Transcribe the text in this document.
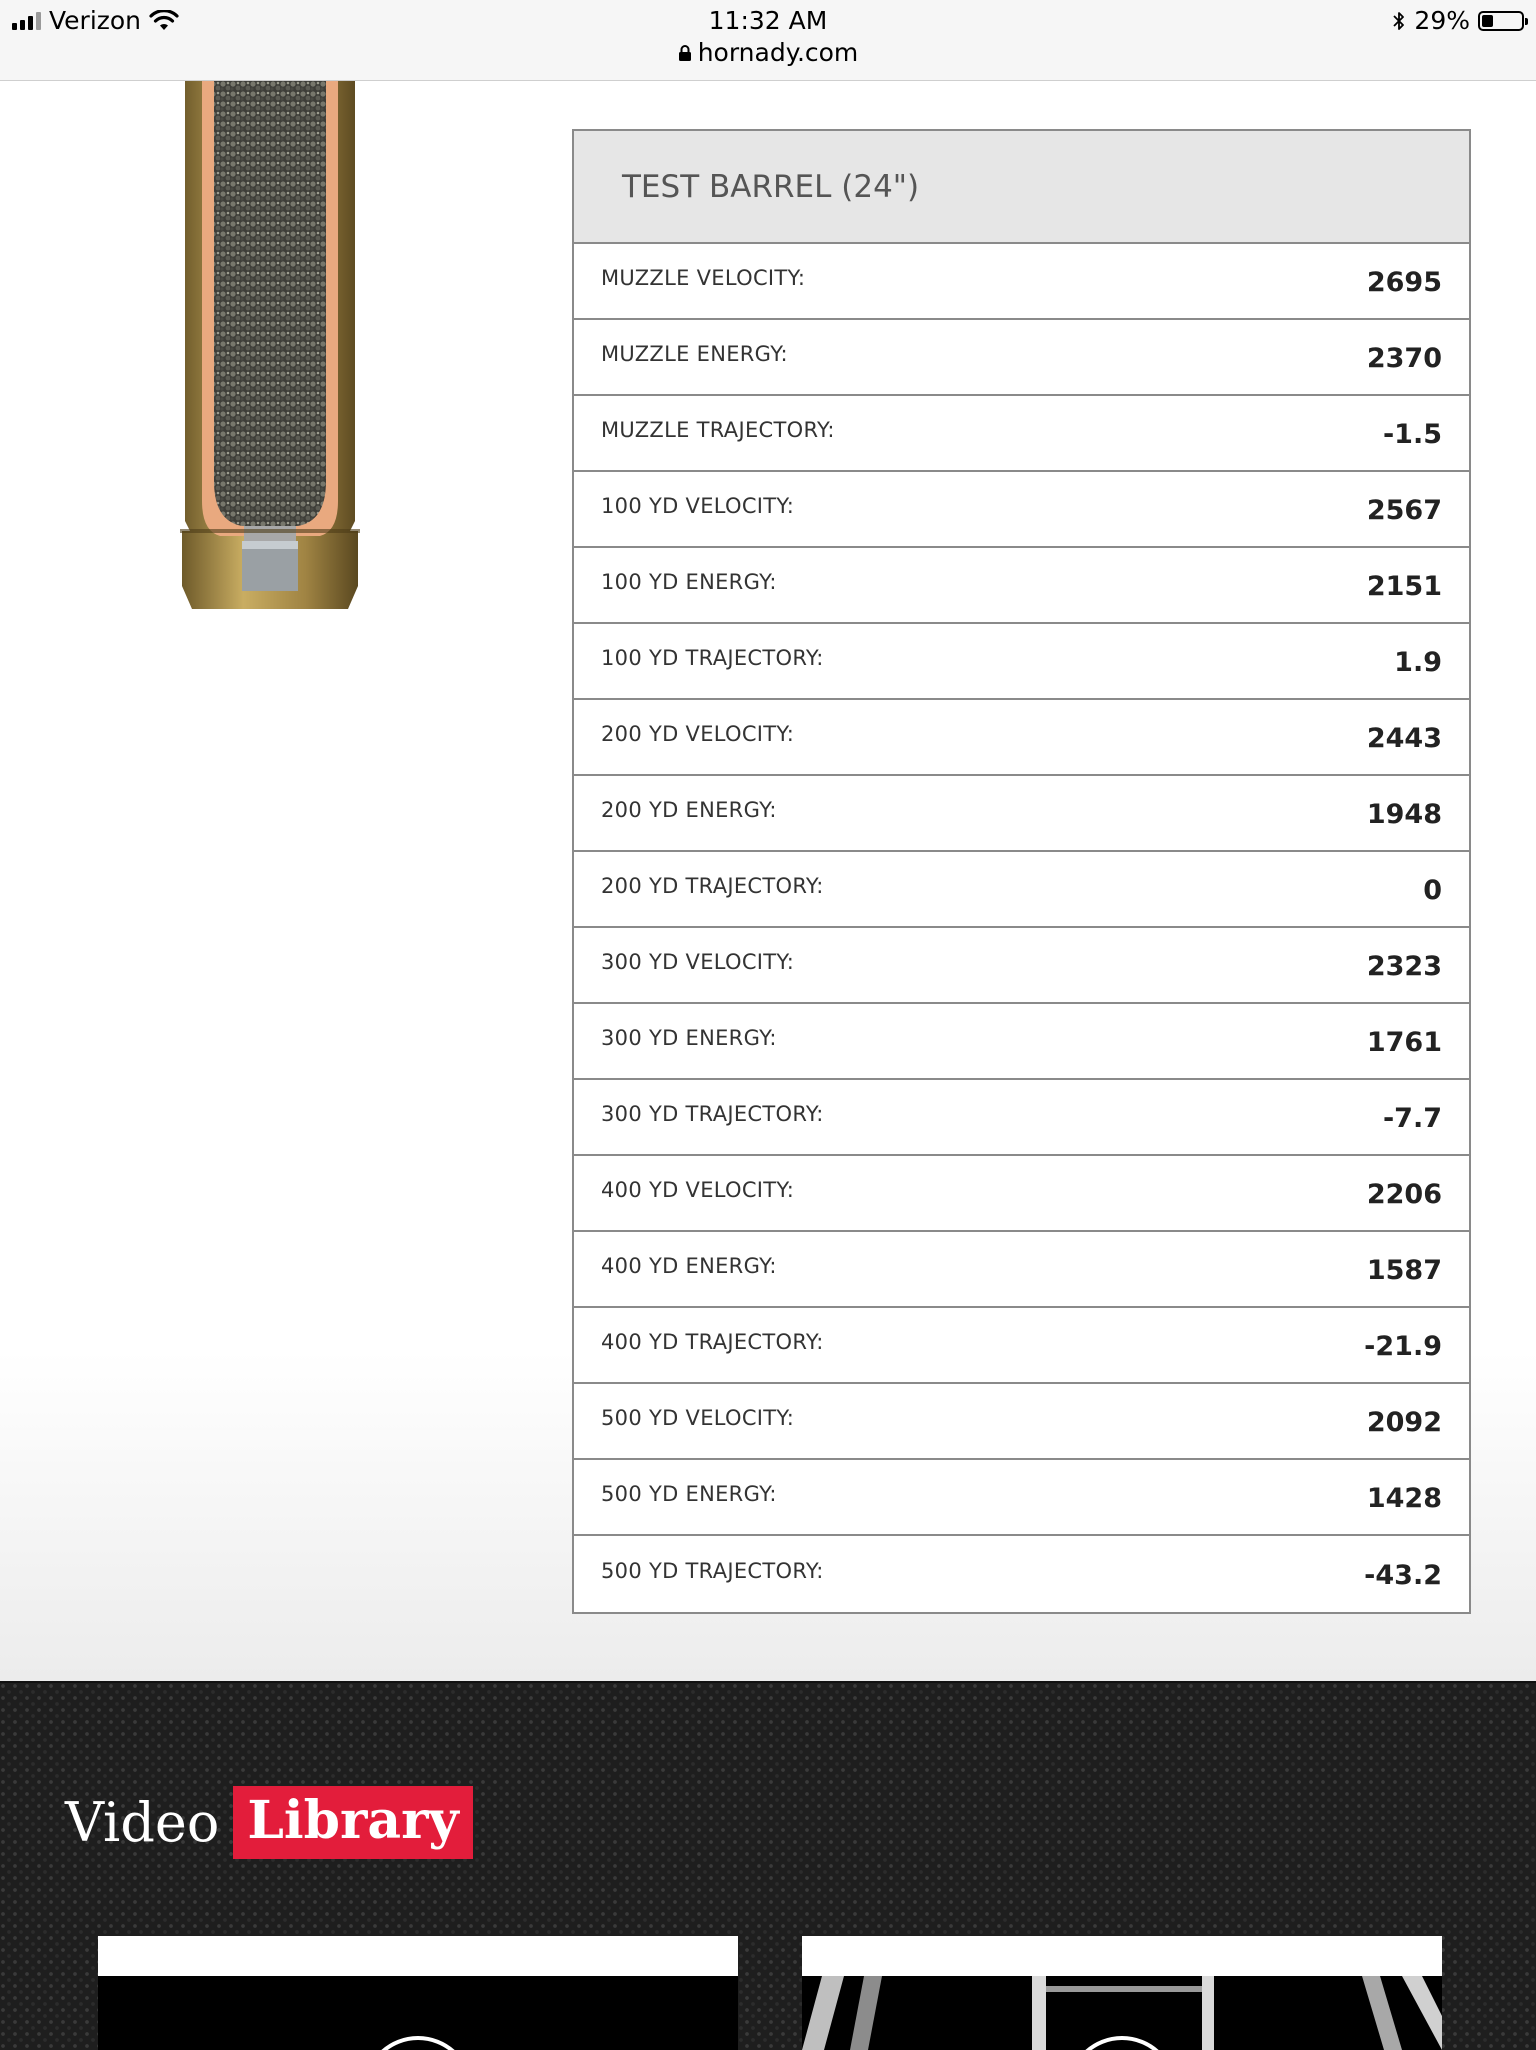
Verizon	11:32 AM
hornady.com
29%
TEST BARREL (24")
MUZZLE VELOCITY:	2695
MUZZLE ENERGY:	2370
MUZZLE TRAJECTORY:	-1.5
100 YD VELOCITY:	2567
100 YD ENERGY:	2151
100 YD TRAJECTORY:	1.9
200 YD VELOCITY:	2443
200 YD ENERGY:	1948
200 YD TRAJECTORY:	0
300 YD VELOCITY:	2323
300 YD ENERGY:	1761
300 YD TRAJECTORY:	-7.7
400 YD VELOCITY:	2206
400 YD ENERGY:	1587
400 YD TRAJECTORY:	-21.9
500 YD VELOCITY:	2092
500 YD ENERGY:	1428
500 YD TRAJECTORY:	-43.2
Video Library
